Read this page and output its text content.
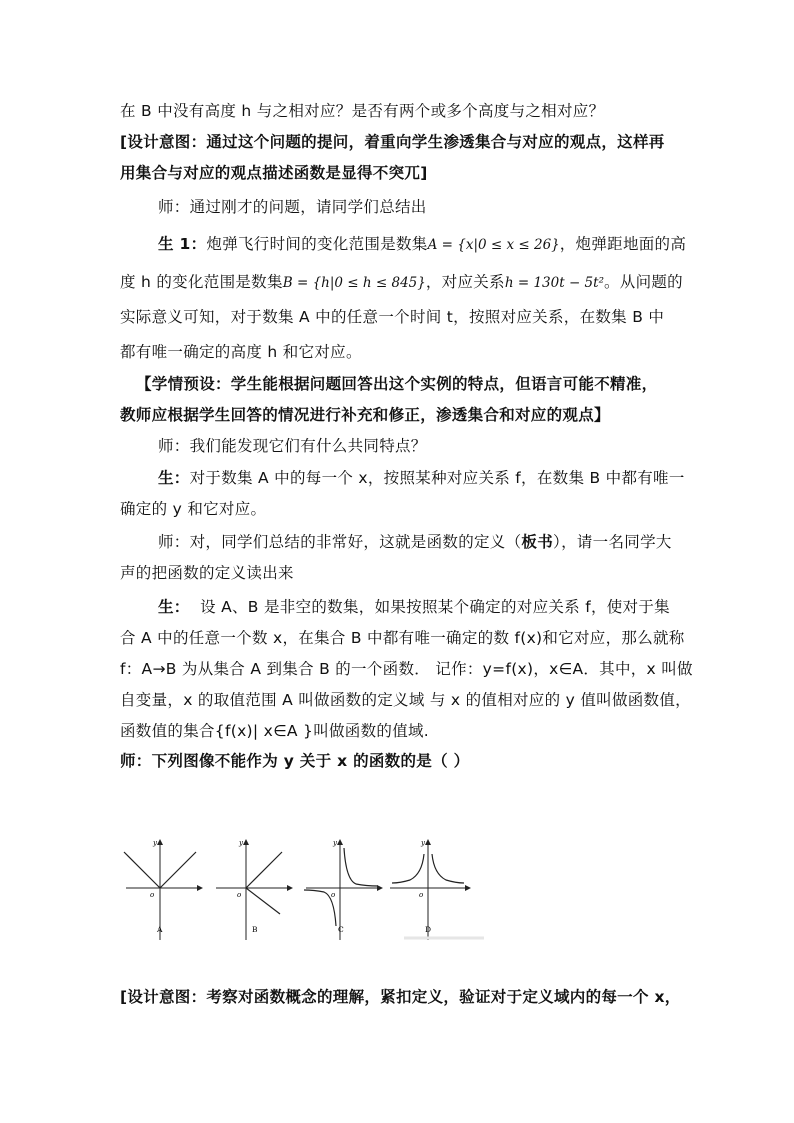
在 B 中没有高度 h 与之相对应？是否有两个或多个高度与之相对应？
[设计意图：通过这个问题的提问，着重向学生渗透集合与对应的观点，这样再
用集合与对应的观点描述函数是显得不突兀]
师：通过刚才的问题，请同学们总结出
生 1：炮弹飞行时间的变化范围是数集A = {x|0 ≤ x ≤ 26}，炮弹距地面的高
度 h 的变化范围是数集B = {h|0 ≤ h ≤ 845}，对应关系h = 130t − 5t²。从问题的
实际意义可知，对于数集 A 中的任意一个时间 t，按照对应关系，在数集 B 中
都有唯一确定的高度 h 和它对应。
【学情预设：学生能根据问题回答出这个实例的特点，但语言可能不精准，
教师应根据学生回答的情况进行补充和修正，渗透集合和对应的观点】
师：我们能发现它们有什么共同特点？
生：对于数集 A 中的每一个 x，按照某种对应关系 f，在数集 B 中都有唯一
确定的 y 和它对应。
师：对，同学们总结的非常好，这就是函数的定义（板书），请一名同学大
声的把函数的定义读出来
生： 设 A、B 是非空的数集，如果按照某个确定的对应关系 f，使对于集
合 A 中的任意一个数 x，在集合 B 中都有唯一确定的数 f(x)和它对应，那么就称
f：A→B 为从集合 A 到集合 B 的一个函数． 记作：y=f(x)，x∈A．其中，x 叫做
自变量，x 的取值范围 A 叫做函数的定义域 与 x 的值相对应的 y 值叫做函数值，
函数值的集合{f(x)| x∈A }叫做函数的值域.
师：下列图像不能作为 y 关于 x 的函数的是（ ）
o
y
A
o
y
B
o
y
C
o
y
D
[设计意图：考察对函数概念的理解，紧扣定义，验证对于定义域内的每一个 x，
